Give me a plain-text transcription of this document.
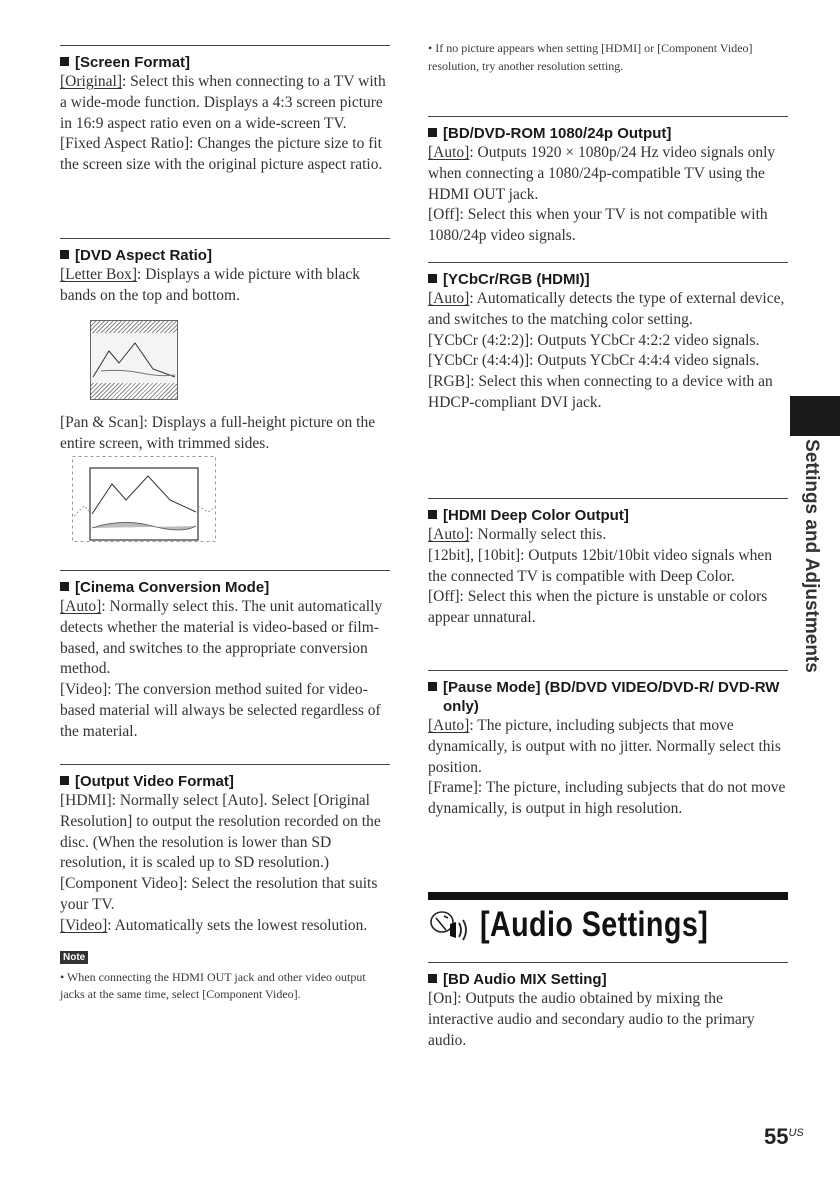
[Screen Format]

[Original]: Select this when connecting to a TV with a wide-mode function. Displays a 4:3 screen picture in 16:9 aspect ratio even on a wide-screen TV.

[Fixed Aspect Ratio]: Changes the picture size to fit the screen size with the original picture aspect ratio.

[DVD Aspect Ratio]

[Letter Box]: Displays a wide picture with black bands on the top and bottom.

[Pan & Scan]: Displays a full-height picture on the entire screen, with trimmed sides.

[Cinema Conversion Mode]

[Auto]: Normally select this. The unit automatically detects whether the material is video-based or film-based, and switches to the appropriate conversion method.

[Video]: The conversion method suited for video-based material will always be selected regardless of the material.

[Output Video Format]

[HDMI]: Normally select [Auto]. Select [Original Resolution] to output the resolution recorded on the disc. (When the resolution is lower than SD resolution, it is scaled up to SD resolution.)

[Component Video]: Select the resolution that suits your TV.

[Video]: Automatically sets the lowest resolution.

Note
• When connecting the HDMI OUT jack and other video output jacks at the same time, select [Component Video].
• If no picture appears when setting [HDMI] or [Component Video] resolution, try another resolution setting.
[BD/DVD-ROM 1080/24p Output]

[Auto]: Outputs 1920 × 1080p/24 Hz video signals only when connecting a 1080/24p-compatible TV using the HDMI OUT jack.

[Off]: Select this when your TV is not compatible with 1080/24p video signals.

[YCbCr/RGB (HDMI)]

[Auto]: Automatically detects the type of external device, and switches to the matching color setting.

[YCbCr (4:2:2)]: Outputs YCbCr 4:2:2 video signals.

[YCbCr (4:4:4)]: Outputs YCbCr 4:4:4 video signals.

[RGB]: Select this when connecting to a device with an HDCP-compliant DVI jack.

[HDMI Deep Color Output]

[Auto]: Normally select this.

[12bit], [10bit]: Outputs 12bit/10bit video signals when the connected TV is compatible with Deep Color.

[Off]: Select this when the picture is unstable or colors appear unnatural.

[Pause Mode] (BD/DVD VIDEO/DVD-R/ DVD-RW only)

[Auto]: The picture, including subjects that move dynamically, is output with no jitter. Normally select this position.

[Frame]: The picture, including subjects that do not move dynamically, is output in high resolution.

[BD Audio MIX Setting]

[On]: Outputs the audio obtained by mixing the interactive audio and secondary audio to the primary audio.

[Audio Settings]
Settings and Adjustments
$55^{US}$
